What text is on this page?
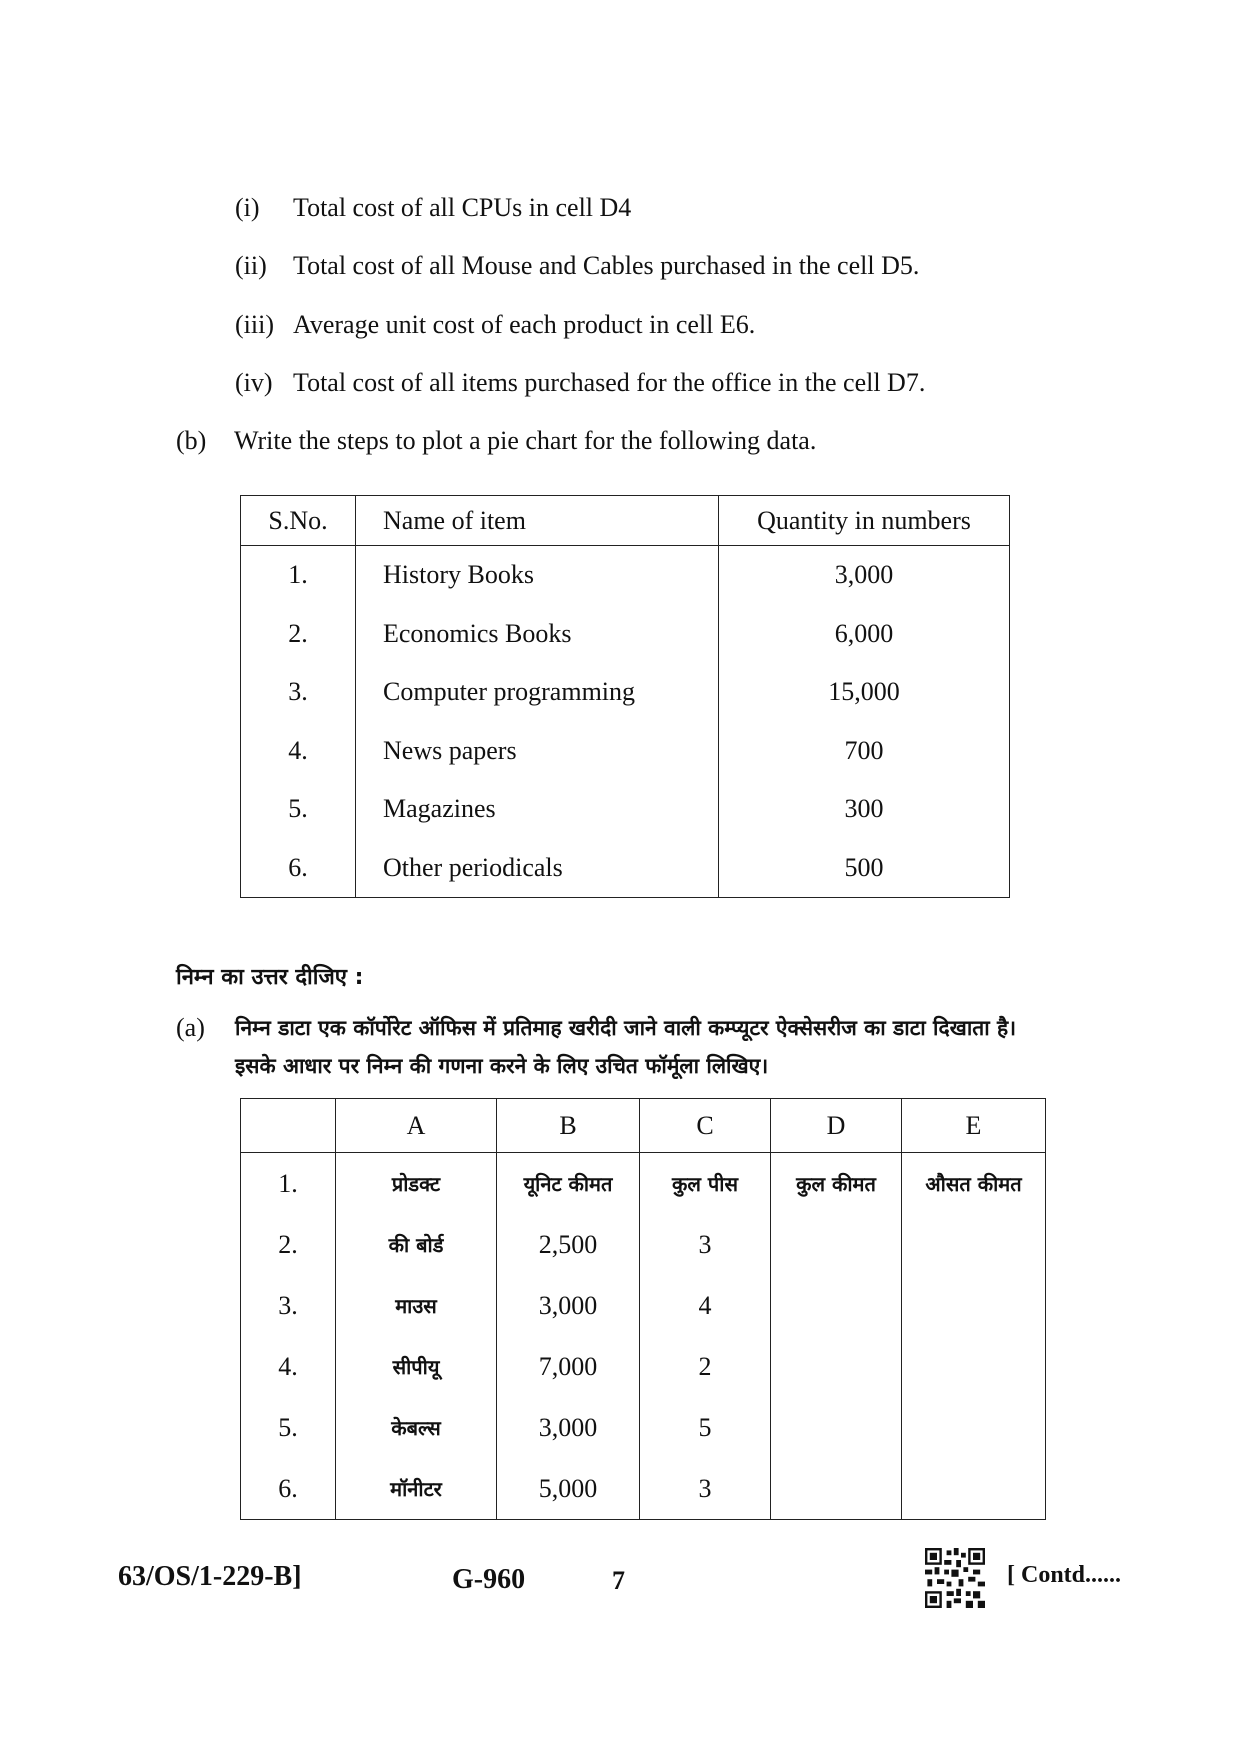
(i) Total cost of all CPUs in cell D4
(ii) Total cost of all Mouse and Cables purchased in the cell D5.
(iii) Average unit cost of each product in cell E6.
(iv) Total cost of all items purchased for the office in the cell D7.
(b) Write the steps to plot a pie chart for the following data.
S.No.	Name of item	Quantity in numbers
1.	History Books	3,000
2.	Economics Books	6,000
3.	Computer programming	15,000
4.	News papers	700
5.	Magazines	300
6.	Other periodicals	500
निम्न का उत्तर दीजिए :
(a) निम्न डाटा एक कॉर्पोरेट ऑफिस में प्रतिमाह खरीदी जाने वाली कम्प्यूटर ऐक्सेसरीज का डाटा दिखाता है।
इसके आधार पर निम्न की गणना करने के लिए उचित फॉर्मूला लिखिए।
	A	B	C	D	E
1.	प्रोडक्ट	यूनिट कीमत	कुल पीस	कुल कीमत	औसत कीमत
2.	की बोर्ड	2,500	3		
3.	माउस	3,000	4		
4.	सीपीयू	7,000	2		
5.	केबल्स	3,000	5		
6.	मॉनीटर	5,000	3		
63/OS/1-229-B]	G-960	7	[ Contd......
